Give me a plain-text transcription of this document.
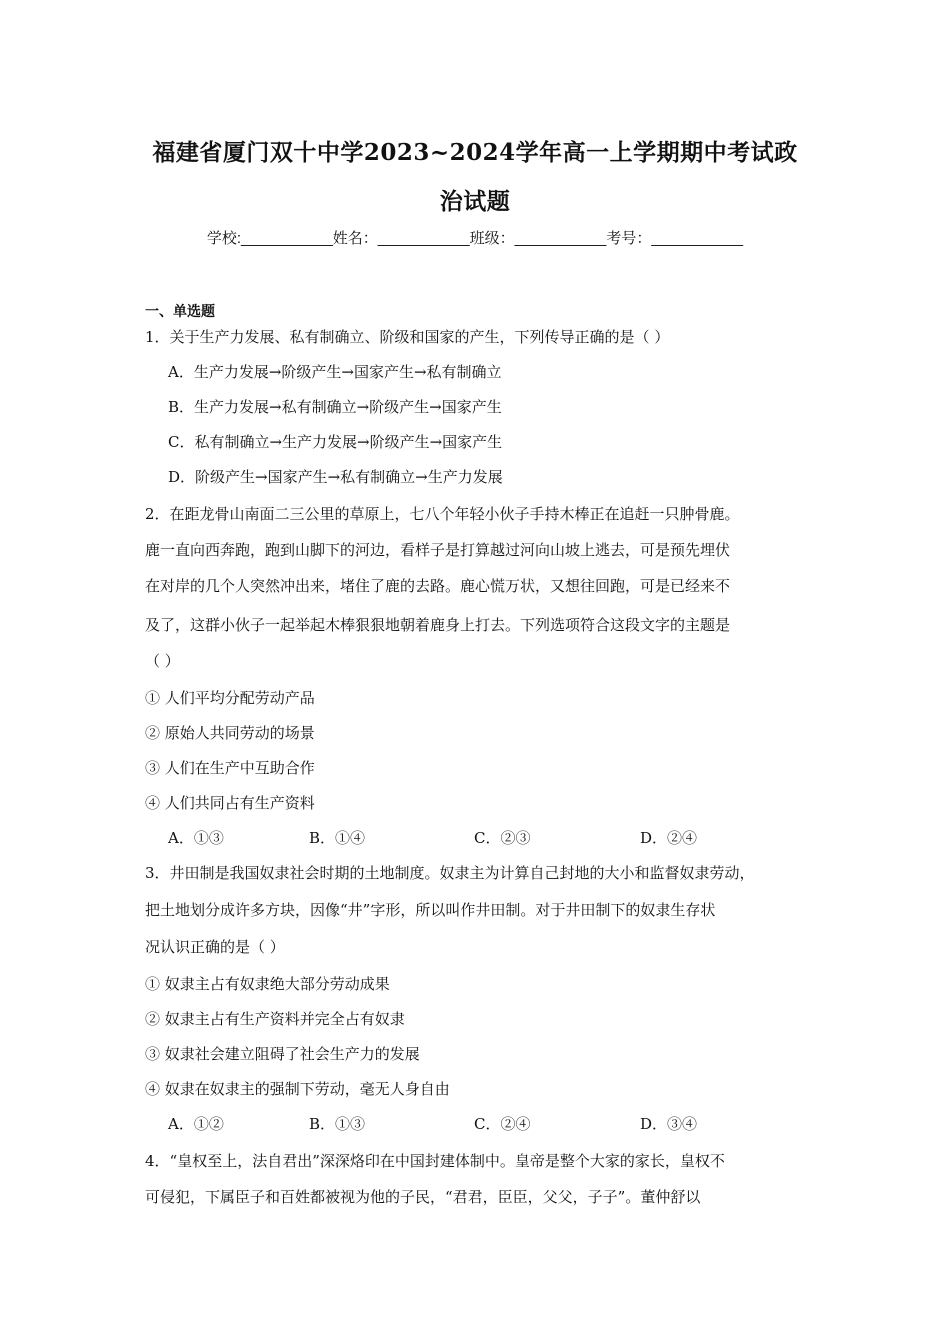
福建省厦门双十中学2023~2024学年高一上学期期中考试政
治试题
学校:___________姓名：___________班级：___________考号：___________
一、单选题
1．关于生产力发展、私有制确立、阶级和国家的产生，下列传导正确的是（ ）
A．生产力发展→阶级产生→国家产生→私有制确立
B．生产力发展→私有制确立→阶级产生→国家产生
C．私有制确立→生产力发展→阶级产生→国家产生
D．阶级产生→国家产生→私有制确立→生产力发展
2．在距龙骨山南面二三公里的草原上，七八个年轻小伙子手持木棒正在追赶一只肿骨鹿。
鹿一直向西奔跑，跑到山脚下的河边，看样子是打算越过河向山坡上逃去，可是预先埋伏
在对岸的几个人突然冲出来，堵住了鹿的去路。鹿心慌万状，又想往回跑，可是已经来不
及了，这群小伙子一起举起木棒狠狠地朝着鹿身上打去。下列选项符合这段文字的主题是
（ ）
① 人们平均分配劳动产品
② 原始人共同劳动的场景
③ 人们在生产中互助合作
④ 人们共同占有生产资料
A．①③	B．①④	C．②③	D．②④
3．井田制是我国奴隶社会时期的土地制度。奴隶主为计算自己封地的大小和监督奴隶劳动，
把土地划分成许多方块，因像“井”字形，所以叫作井田制。对于井田制下的奴隶生存状
况认识正确的是（ ）
① 奴隶主占有奴隶绝大部分劳动成果
② 奴隶主占有生产资料并完全占有奴隶
③ 奴隶社会建立阻碍了社会生产力的发展
④ 奴隶在奴隶主的强制下劳动，毫无人身自由
A．①②	B．①③	C．②④	D．③④
4．“皇权至上，法自君出”深深烙印在中国封建体制中。皇帝是整个大家的家长，皇权不
可侵犯，下属臣子和百姓都被视为他的子民，“君君，臣臣，父父，子子”。董仲舒以
